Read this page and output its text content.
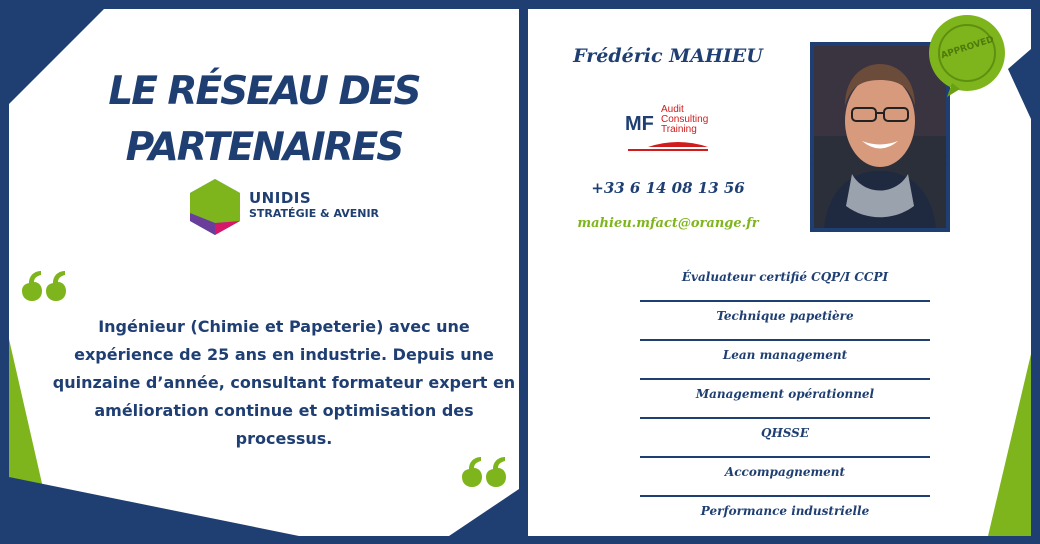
LE RÉSEAU DES
PARTENAIRES
UNIDIS
STRATÉGIE & AVENIR
Ingénieur (Chimie et Papeterie) avec une expérience de 25 ans en industrie. Depuis une quinzaine d’année, consultant formateur expert en amélioration continue et optimisation des processus.
Frédéric MAHIEU
MF
Audit
Consulting
Training
+33 6 14 08 13 56
mahieu.mfact@orange.fr
APPROVED
Évaluateur certifié CQP/I CCPI
Technique papetière
Lean management
Management opérationnel
QHSSE
Accompagnement
Performance industrielle
